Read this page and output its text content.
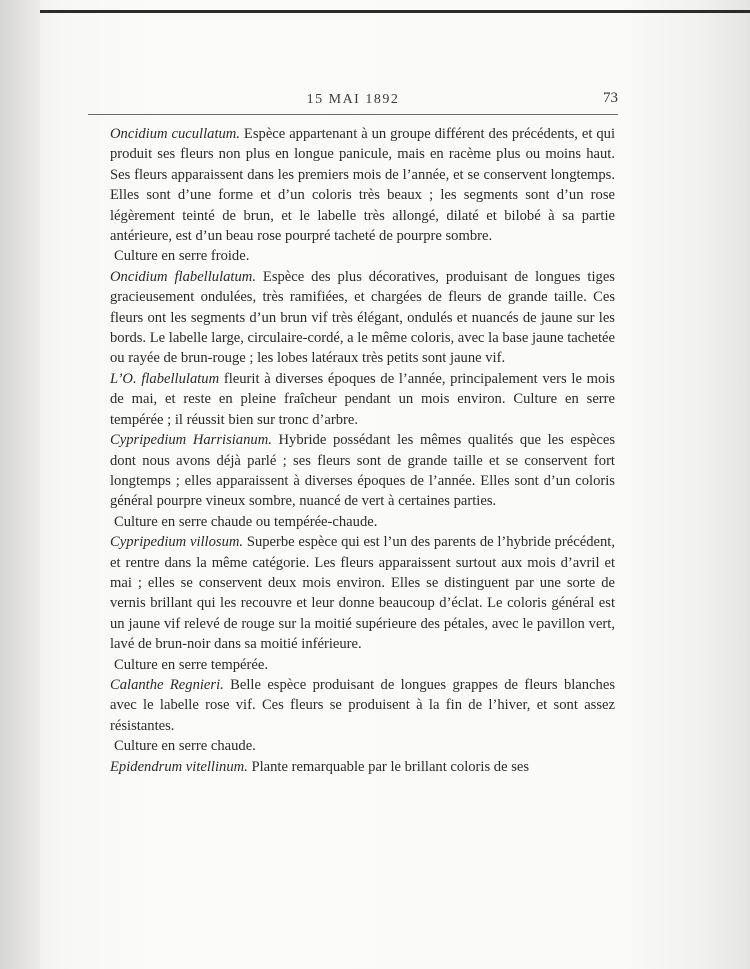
15 MAI 1892	73

Oncidium cucullatum. Espèce appartenant à un groupe différent des précédents, et qui produit ses fleurs non plus en longue panicule, mais en racème plus ou moins haut. Ses fleurs apparaissent dans les premiers mois de l’année, et se conservent longtemps. Elles sont d’une forme et d’un coloris très beaux ; les segments sont d’un rose légèrement teinté de brun, et le labelle très allongé, dilaté et bilobé à sa partie antérieure, est d’un beau rose pourpré tacheté de pourpre sombre.

Culture en serre froide.

Oncidium flabellulatum. Espèce des plus décoratives, produisant de longues tiges gracieusement ondulées, très ramifiées, et chargées de fleurs de grande taille. Ces fleurs ont les segments d’un brun vif très élégant, ondulés et nuancés de jaune sur les bords. Le labelle large, circulaire-cordé, a le même coloris, avec la base jaune tachetée ou rayée de brun-rouge ; les lobes latéraux très petits sont jaune vif.

L’O. flabellulatum fleurit à diverses époques de l’année, principalement vers le mois de mai, et reste en pleine fraîcheur pendant un mois environ. Culture en serre tempérée ; il réussit bien sur tronc d’arbre.

Cypripedium Harrisianum. Hybride possédant les mêmes qualités que les espèces dont nous avons déjà parlé ; ses fleurs sont de grande taille et se conservent fort longtemps ; elles apparaissent à diverses époques de l’année. Elles sont d’un coloris général pourpre vineux sombre, nuancé de vert à certaines parties.

Culture en serre chaude ou tempérée-chaude.

Cypripedium villosum. Superbe espèce qui est l’un des parents de l’hybride précédent, et rentre dans la même catégorie. Les fleurs apparaissent surtout aux mois d’avril et mai ; elles se conservent deux mois environ. Elles se distinguent par une sorte de vernis brillant qui les recouvre et leur donne beaucoup d’éclat. Le coloris général est un jaune vif relevé de rouge sur la moitié supérieure des pétales, avec le pavillon vert, lavé de brun-noir dans sa moitié inférieure.

Culture en serre tempérée.

Calanthe Regnieri. Belle espèce produisant de longues grappes de fleurs blanches avec le labelle rose vif. Ces fleurs se produisent à la fin de l’hiver, et sont assez résistantes.

Culture en serre chaude.

Epidendrum vitellinum. Plante remarquable par le brillant coloris de ses
